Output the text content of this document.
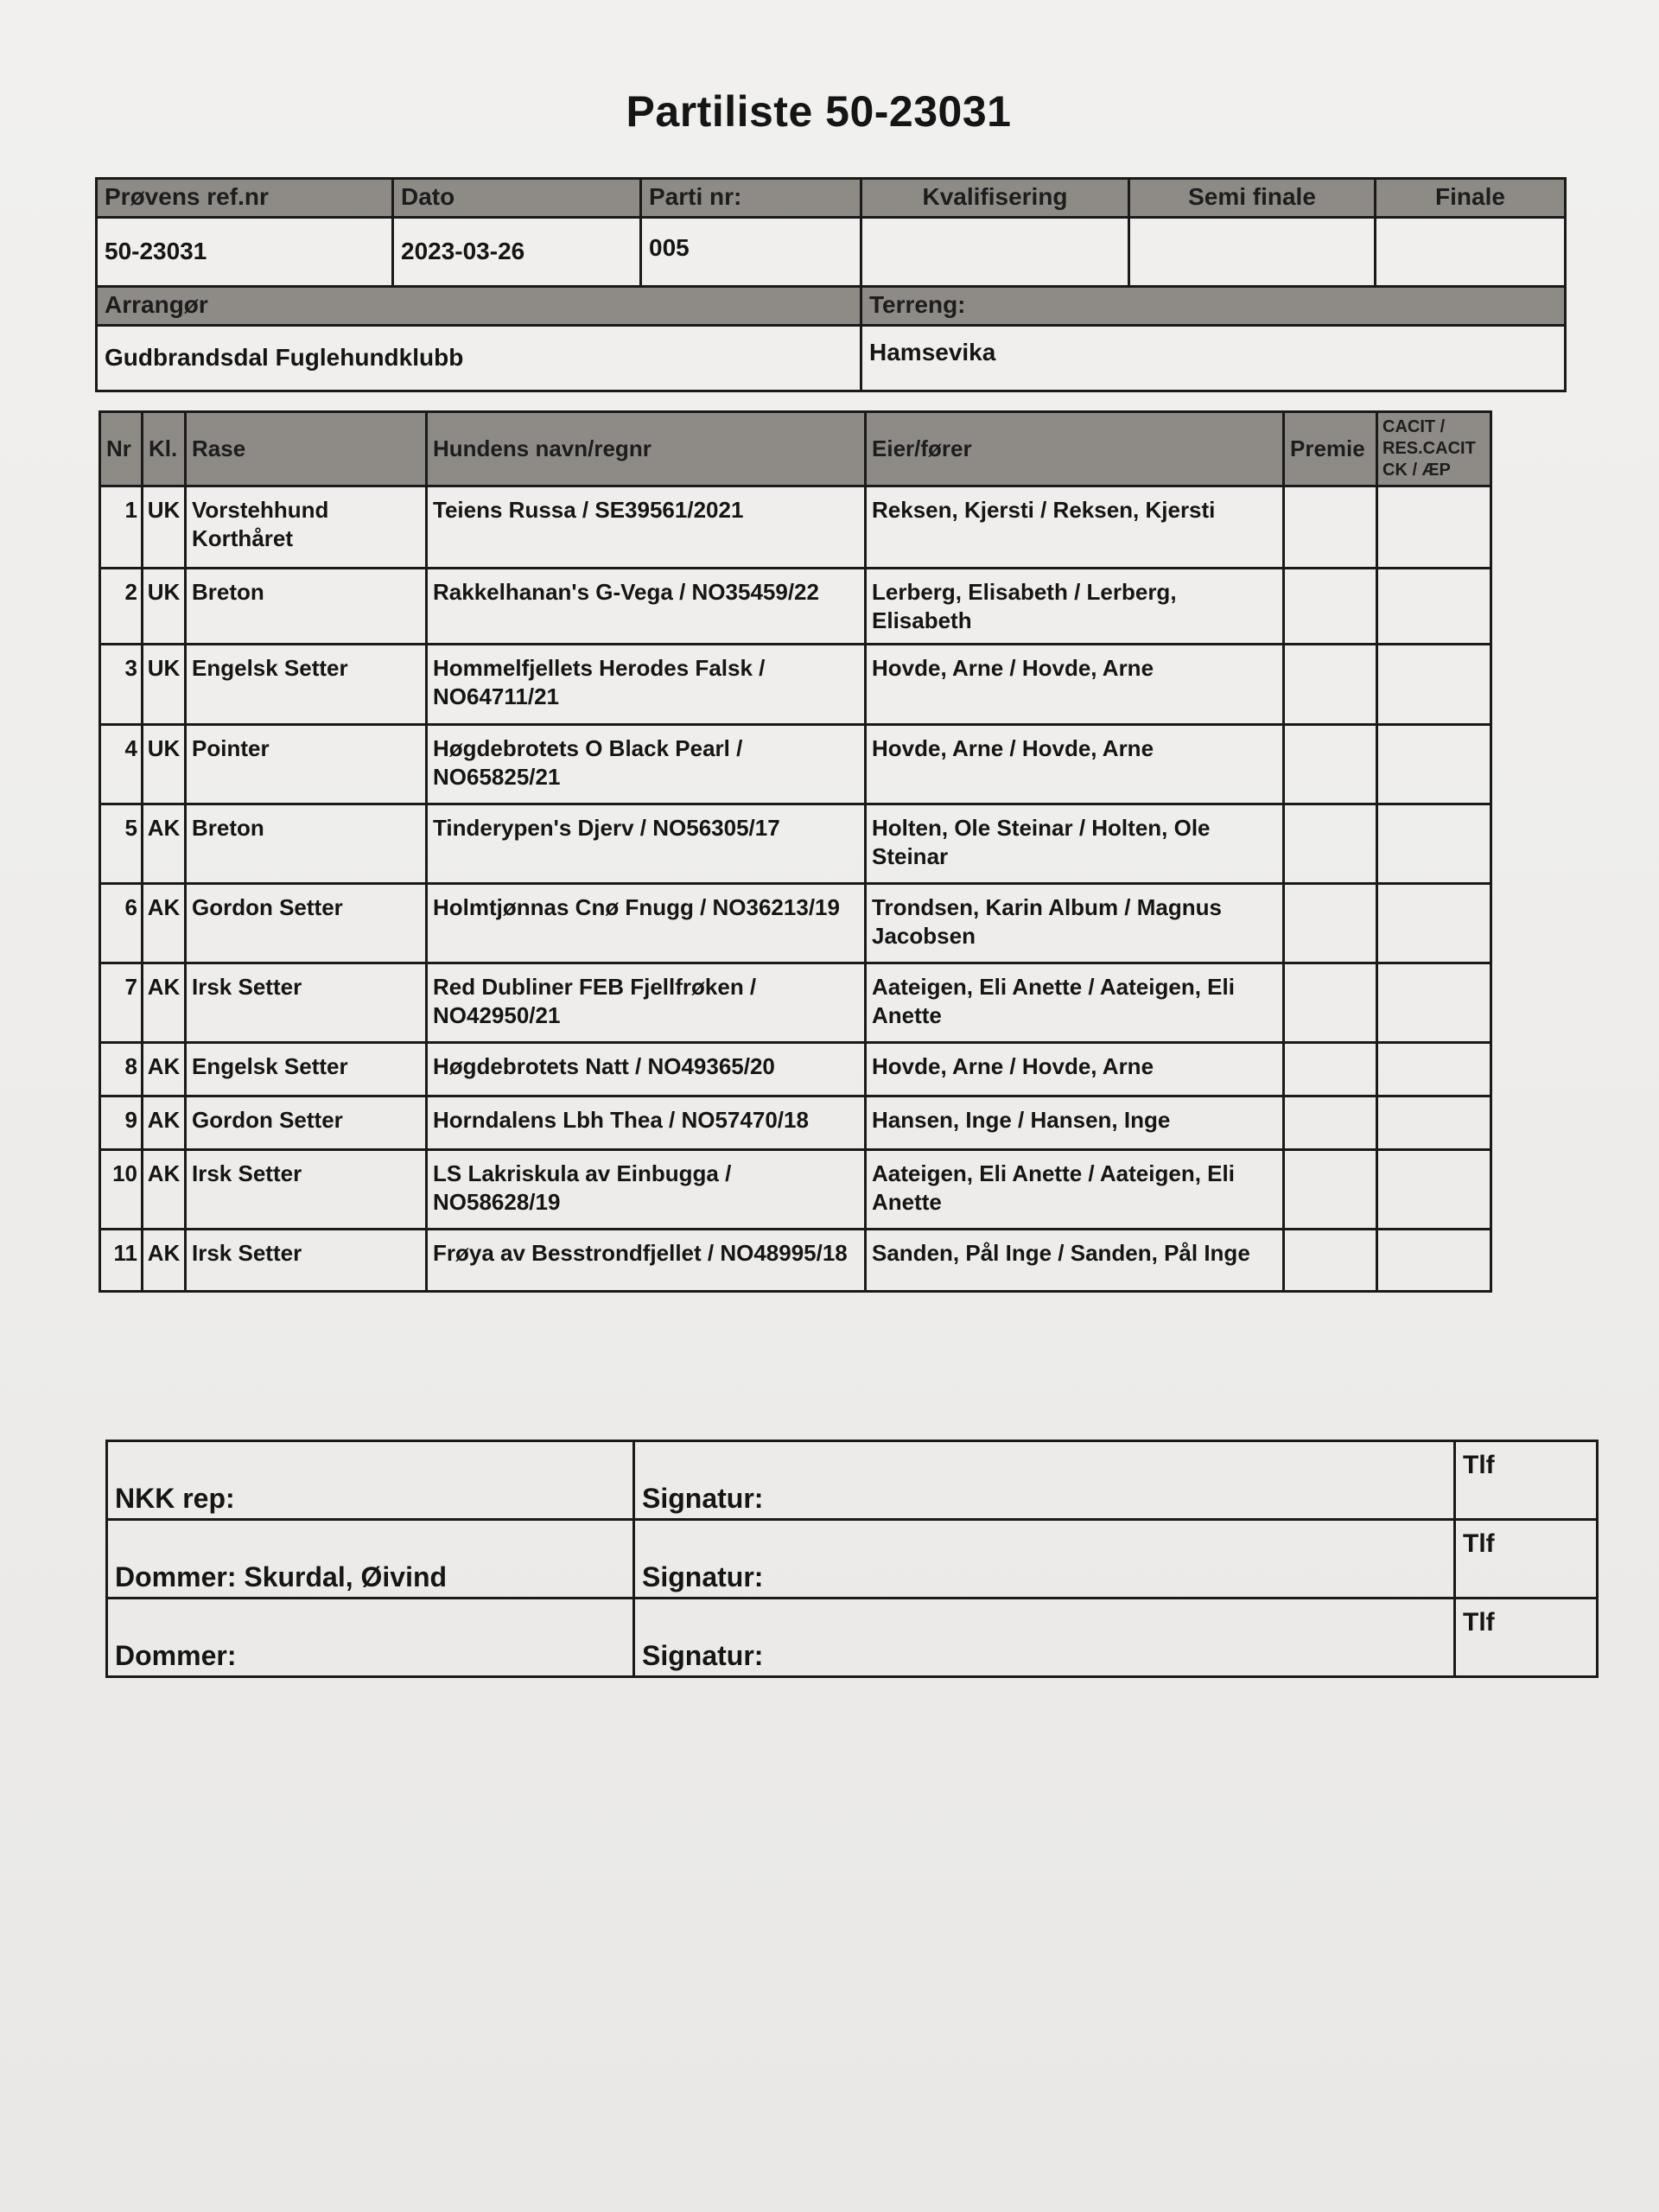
Partiliste 50-23031
Prøvens ref.nr	Dato	Parti nr:	Kvalifisering	Semi finale	Finale
50-23031	2023-03-26	005			
Arrangør			Terreng:		
Gudbrandsdal Fuglehundklubb			Hamsevika		
Nr	Kl.	Rase	Hundens navn/regnr	Eier/fører	Premie	CACIT /
RES.CACIT
CK / ÆP

1	UK	Vorstehhund Korthåret	Teiens Russa / SE39561/2021	Reksen, Kjersti / Reksen, Kjersti		
2	UK	Breton	Rakkelhanan's G-Vega / NO35459/22	Lerberg, Elisabeth / Lerberg, Elisabeth		
3	UK	Engelsk Setter	Hommelfjellets Herodes Falsk / NO64711/21	Hovde, Arne / Hovde, Arne		
4	UK	Pointer	Høgdebrotets O Black Pearl / NO65825/21	Hovde, Arne / Hovde, Arne		
5	AK	Breton	Tinderypen's Djerv / NO56305/17	Holten, Ole Steinar / Holten, Ole Steinar		
6	AK	Gordon Setter	Holmtjønnas Cnø Fnugg / NO36213/19	Trondsen, Karin Album / Magnus Jacobsen		
7	AK	Irsk Setter	Red Dubliner FEB Fjellfrøken / NO42950/21	Aateigen, Eli Anette / Aateigen, Eli Anette		
8	AK	Engelsk Setter	Høgdebrotets Natt / NO49365/20	Hovde, Arne / Hovde, Arne		
9	AK	Gordon Setter	Horndalens Lbh Thea / NO57470/18	Hansen, Inge / Hansen, Inge		
10	AK	Irsk Setter	LS Lakriskula av Einbugga / NO58628/19	Aateigen, Eli Anette / Aateigen, Eli Anette		
11	AK	Irsk Setter	Frøya av Besstrondfjellet / NO48995/18	Sanden, Pål Inge / Sanden, Pål Inge		
NKK rep:	Signatur:	Tlf
Dommer: Skurdal, Øivind	Signatur:	Tlf
Dommer:	Signatur:	Tlf
